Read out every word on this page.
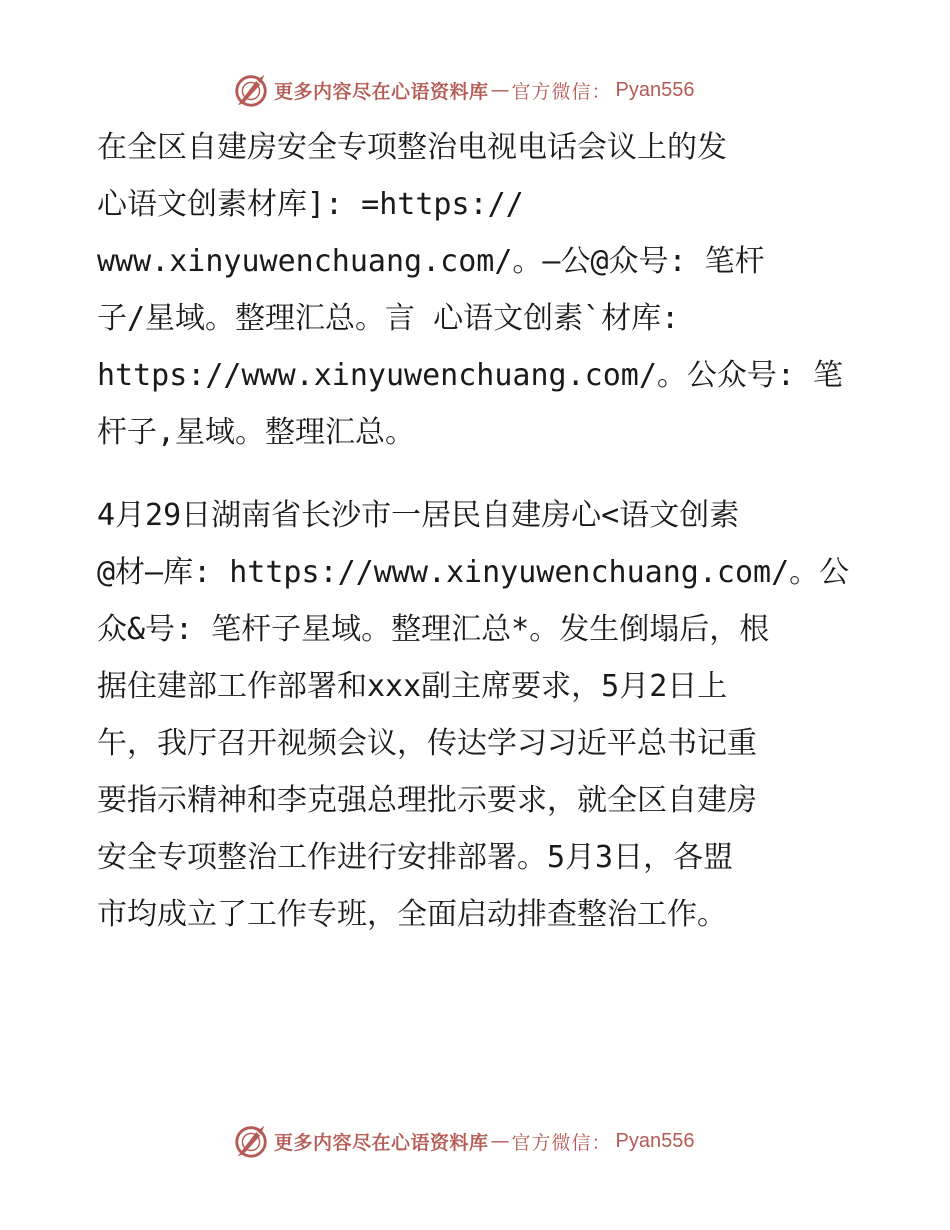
更多内容尽在心语资料库 — 官方微信： Pyan556
在全区自建房安全专项整治电视电话会议上的发
心语文创素材库]: =https://
www.xinyuwenchuang.com/。—公@众号: 笔杆
子/星域。整理汇总。言 心语文创素`材库:
https://www.xinyuwenchuang.com/。公众号: 笔
杆子,星域。整理汇总。
4月29日湖南省长沙市一居民自建房心<语文创素
@材—库: https://www.xinyuwenchuang.com/。公
众&号: 笔杆子星域。整理汇总*。发生倒塌后，根
据住建部工作部署和xxx副主席要求，5月2日上
午，我厅召开视频会议，传达学习习近平总书记重
要指示精神和李克强总理批示要求，就全区自建房
安全专项整治工作进行安排部署。5月3日，各盟
市均成立了工作专班，全面启动排查整治工作。
更多内容尽在心语资料库 — 官方微信： Pyan556
